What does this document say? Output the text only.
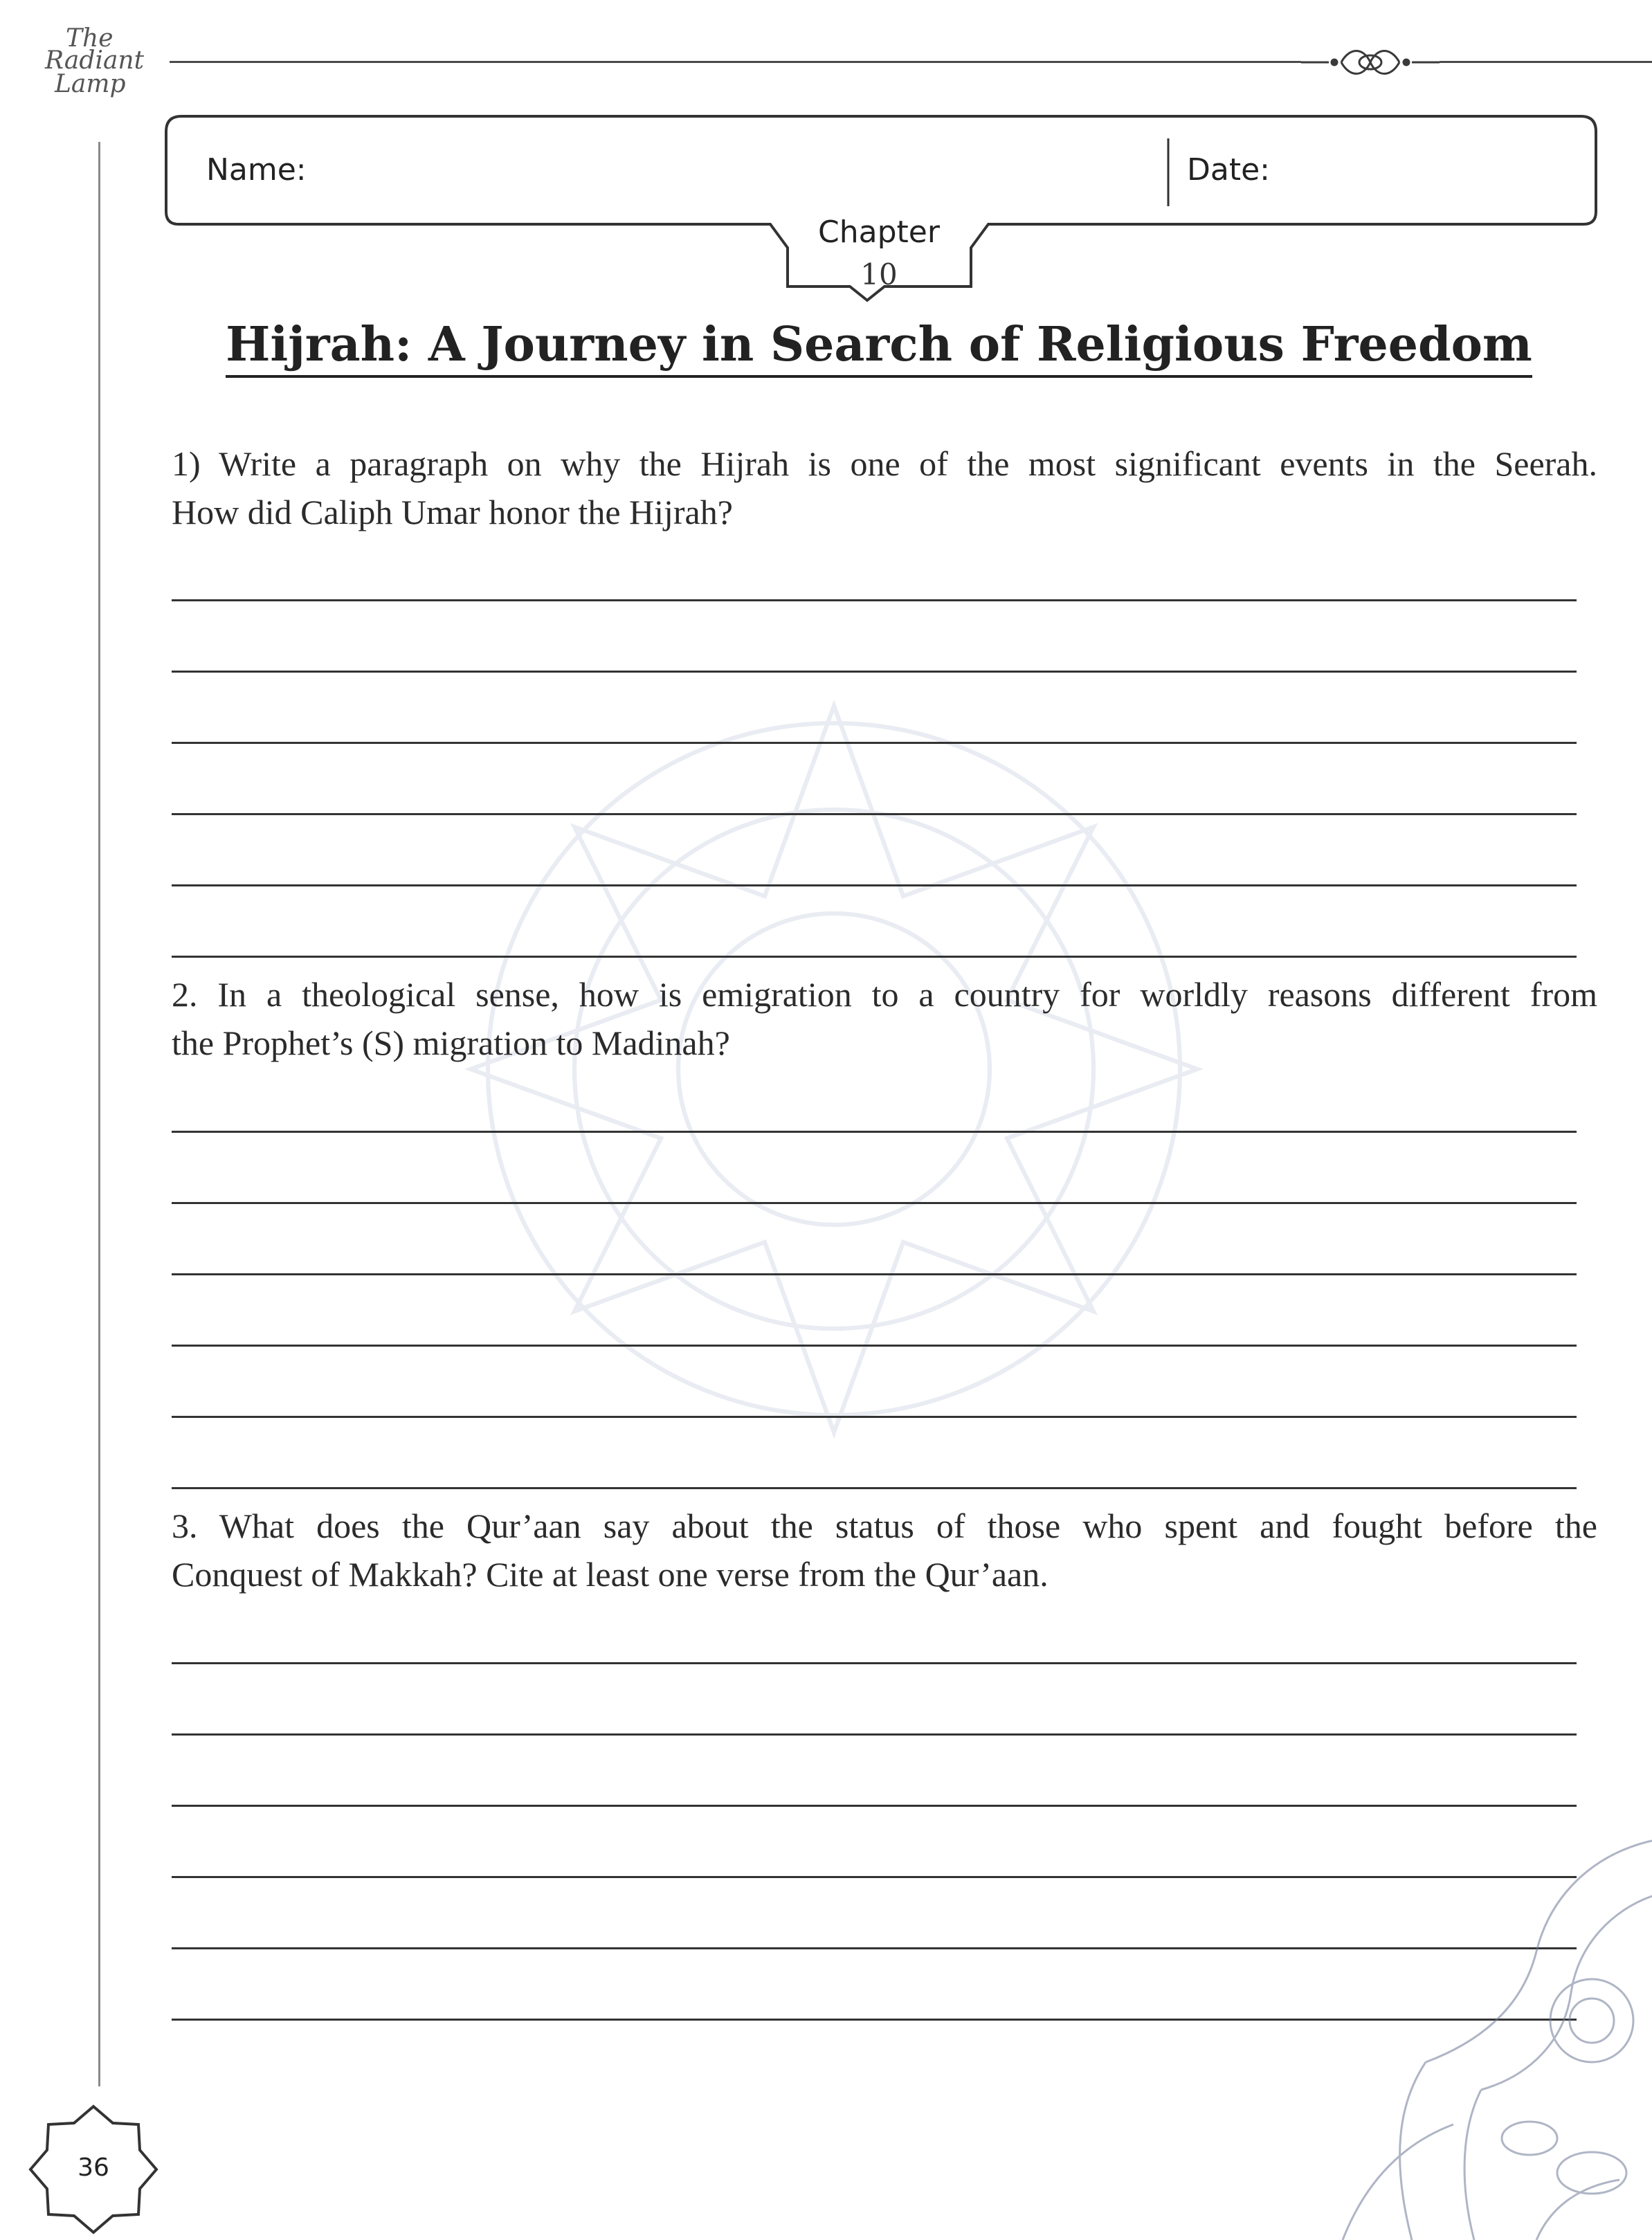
The
Radiant
Lamp
Name:	Date:
Chapter
10
Hijrah: A Journey in Search of Religious Freedom
1) Write a paragraph on why the Hijrah is one of the most significant events in the Seerah.
How did Caliph Umar honor the Hijrah?
2. In a theological sense, how is emigration to a country for worldly reasons different from
the Prophet’s (S) migration to Madinah?
3. What does the Qur’aan say about the status of those who spent and fought before the
Conquest of Makkah? Cite at least one verse from the Qur’aan.
36
